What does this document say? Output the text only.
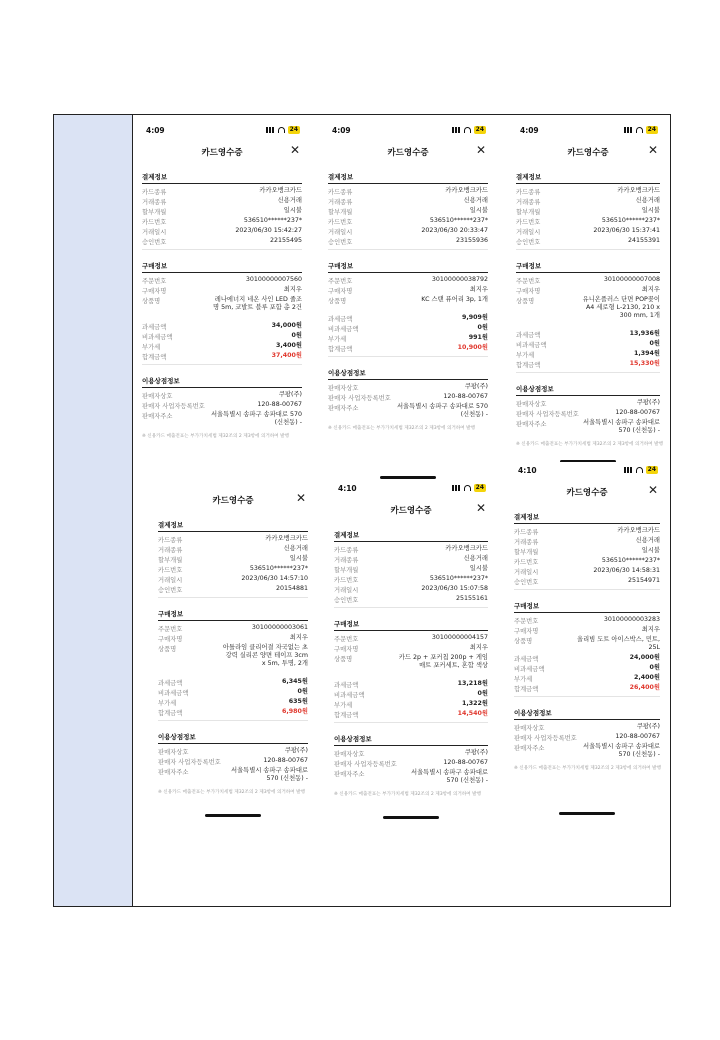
4:09	24
카드영수증	✕
결제정보
카드종류	카카오뱅크카드
거래종류	신용거래
할부개월	일시불
카드번호	536510******237*
거래일시	2023/06/30 15:42:27
승인번호	22155495
구매정보
주문번호	30100000007560
구매자명	최지우
상품명	레나에너지 네온 사인 LED 줄조명 5m, 코발트 블루 포함 총 2건
과세금액	34,000원
비과세금액	0원
부가세	3,400원
합계금액	37,400원
이용상점정보
판매자상호	쿠팡(주)
판매자 사업자등록번호	120-88-00767
판매자주소	서울특별시 송파구 송파대로 570 (신천동) -
※ 신용카드 매출전표는 부가가치세법 제32조의 2 제3항에 의거하여 발행
4:09	24
카드영수증	✕
결제정보
카드종류	카카오뱅크카드
거래종류	신용거래
할부개월	일시불
카드번호	536510******237*
거래일시	2023/06/30 20:33:47
승인번호	23155936
구매정보
주문번호	30100000038792
구매자명	최지우
상품명	KC 스탠 퓨어리 3p, 1개
과세금액	9,909원
비과세금액	0원
부가세	991원
합계금액	10,900원
이용상점정보
판매자상호	쿠팡(주)
판매자 사업자등록번호	120-88-00767
판매자주소	서울특별시 송파구 송파대로 570 (신천동) -
※ 신용카드 매출전표는 부가가치세법 제32조의 2 제3항에 의거하여 발행
4:09	24
카드영수증	✕
결제정보
카드종류	카카오뱅크카드
거래종류	신용거래
할부개월	일시불
카드번호	536510******237*
거래일시	2023/06/30 15:37:41
승인번호	24155391
구매정보
주문번호	30100000007008
구매자명	최지우
상품명	유니온플러스 단면 POP꽂이 A4 세로형 L-2130, 210 x 300 mm, 1개
과세금액	13,936원
비과세금액	0원
부가세	1,394원
합계금액	15,330원
이용상점정보
판매자상호	쿠팡(주)
판매자 사업자등록번호	120-88-00767
판매자주소	서울특별시 송파구 송파대로 570 (신천동) -
※ 신용카드 매출전표는 부가가치세법 제32조의 2 제3항에 의거하여 발행
카드영수증	✕
결제정보
카드종류	카카오뱅크카드
거래종류	신용거래
할부개월	일시불
카드번호	536510******237*
거래일시	2023/06/30 14:57:10
승인번호	20154881
구매정보
주문번호	30100000003061
구매자명	최지우
상품명	아틀라임 클리어결 자국없는 초강력 실리콘 양면 테이프 3cm x 5m, 투명, 2개
과세금액	6,345원
비과세금액	0원
부가세	635원
합계금액	6,980원
이용상점정보
판매자상호	쿠팡(주)
판매자 사업자등록번호	120-88-00767
판매자주소	서울특별시 송파구 송파대로 570 (신천동) -
※ 신용카드 매출전표는 부가가치세법 제32조의 2 제3항에 의거하여 발행
4:10	24
카드영수증	✕
결제정보
카드종류	카카오뱅크카드
거래종류	신용거래
할부개월	일시불
카드번호	536510******237*
거래일시	2023/06/30 15:07:58
승인번호	25155161
구매정보
주문번호	30100000004157
구매자명	최지우
상품명	카드 2p + 포커칩 200p + 게임매트 포커세트, 혼합 색상
과세금액	13,218원
비과세금액	0원
부가세	1,322원
합계금액	14,540원
이용상점정보
판매자상호	쿠팡(주)
판매자 사업자등록번호	120-88-00767
판매자주소	서울특별시 송파구 송파대로 570 (신천동) -
※ 신용카드 매출전표는 부가가치세법 제32조의 2 제3항에 의거하여 발행
4:10	24
카드영수증	✕
결제정보
카드종류	카카오뱅크카드
거래종류	신용거래
할부개월	일시불
카드번호	536510******237*
거래일시	2023/06/30 14:58:31
승인번호	25154971
구매정보
주문번호	30100000003283
구매자명	최지우
상품명	올리빔 도트 아이스박스, 민트, 25L
과세금액	24,000원
비과세금액	0원
부가세	2,400원
합계금액	26,400원
이용상점정보
판매자상호	쿠팡(주)
판매자 사업자등록번호	120-88-00767
판매자주소	서울특별시 송파구 송파대로 570 (신천동) -
※ 신용카드 매출전표는 부가가치세법 제32조의 2 제3항에 의거하여 발행
